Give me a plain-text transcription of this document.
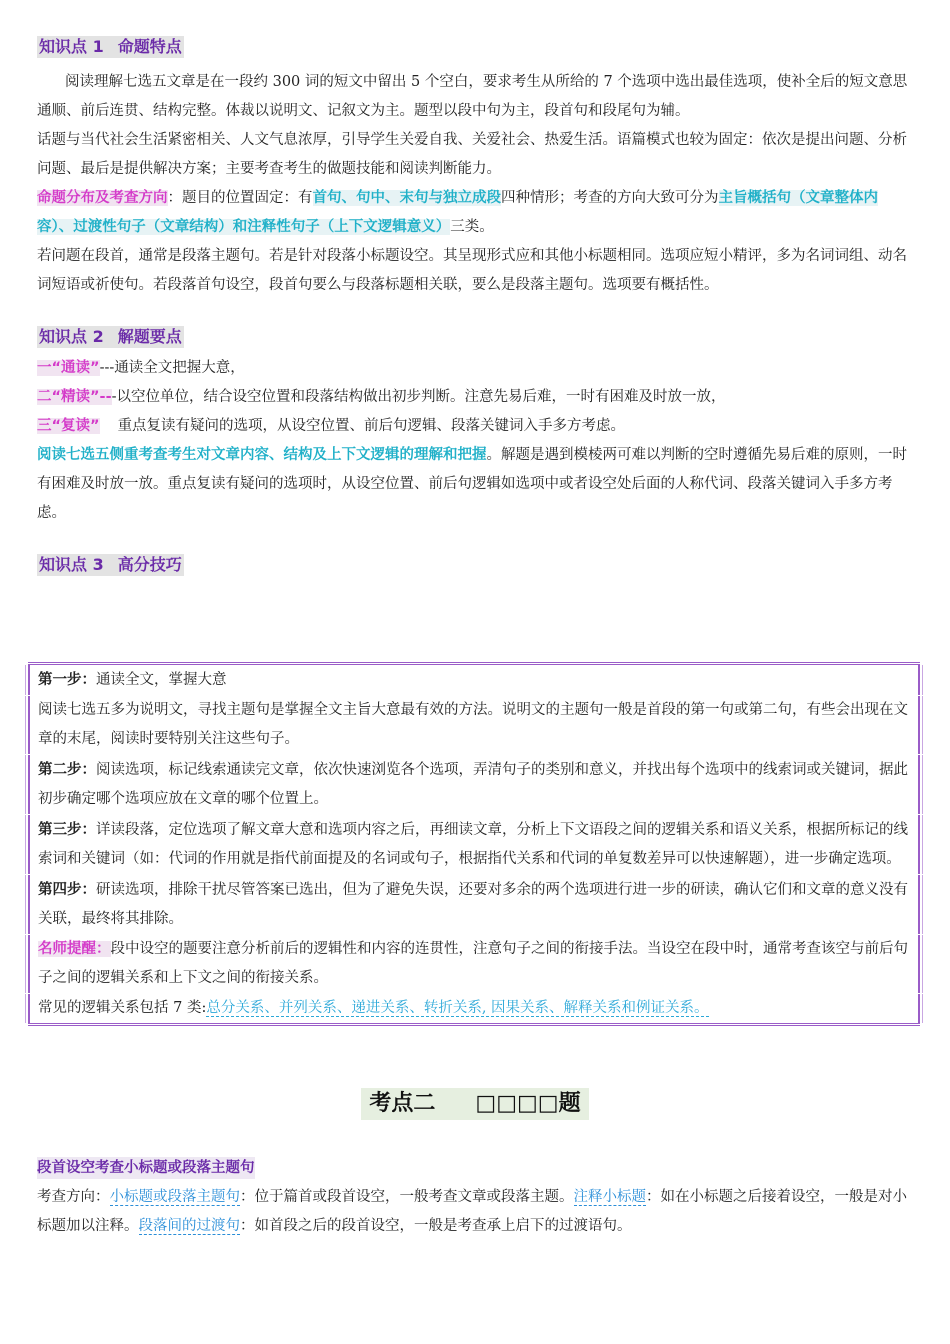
知识点 1 命题特点

阅读理解七选五文章是在一段约 300 词的短文中留出 5 个空白，要求考生从所给的 7 个选项中选出最佳选项，使补全后的短文意思通顺、前后连贯、结构完整。体裁以说明文、记叙文为主。题型以段中句为主，段首句和段尾句为辅。

话题与当代社会生活紧密相关、人文气息浓厚，引导学生关爱自我、关爱社会、热爱生活。语篇模式也较为固定：依次是提出问题、分析问题、最后是提供解决方案；主要考查考生的做题技能和阅读判断能力。

命题分布及考查方向：题目的位置固定：有首句、句中、末句与独立成段四种情形；考查的方向大致可分为主旨概括句（文章整体内容）、过渡性句子（文章结构）和注释性句子（上下文逻辑意义）三类。

若问题在段首，通常是段落主题句。若是针对段落小标题设空。其呈现形式应和其他小标题相同。选项应短小精评，多为名词词组、动名词短语或祈使句。若段落首句设空，段首句要么与段落标题相关联，要么是段落主题句。选项要有概括性。

知识点 2 解题要点

一“通读”---通读全文把握大意，

二“精读”---以空位单位，结合设空位置和段落结构做出初步判断。注意先易后难，一时有困难及时放一放，

三“复读” 重点复读有疑问的选项，从设空位置、前后句逻辑、段落关键词入手多方考虑。

阅读七选五侧重考查考生对文章内容、结构及上下文逻辑的理解和把握。解题是遇到模棱两可难以判断的空时遵循先易后难的原则，一时有困难及时放一放。重点复读有疑问的选项时，从设空位置、前后句逻辑如选项中或者设空处后面的人称代词、段落关键词入手多方考虑。

知识点 3 高分技巧
第一步：通读全文，掌握大意
阅读七选五多为说明文，寻找主题句是掌握全文主旨大意最有效的方法。说明文的主题句一般是首段的第一句或第二句，有些会出现在文章的末尾，阅读时要特别关注这些句子。
第二步：阅读选项，标记线索通读完文章，依次快速浏览各个选项，弄清句子的类别和意义，并找出每个选项中的线索词或关键词，据此初步确定哪个选项应放在文章的哪个位置上。
第三步：详读段落，定位选项了解文章大意和选项内容之后，再细读文章，分析上下文语段之间的逻辑关系和语义关系，根据所标记的线索词和关键词（如：代词的作用就是指代前面提及的名词或句子，根据指代关系和代词的单复数差异可以快速解题），进一步确定选项。
第四步：研读选项，排除干扰尽管答案已选出，但为了避免失误，还要对多余的两个选项进行进一步的研读，确认它们和文章的意义没有关联，最终将其排除。
名师提醒：段中设空的题要注意分析前后的逻辑性和内容的连贯性，注意句子之间的衔接手法。当设空在段中时，通常考查该空与前后句子之间的逻辑关系和上下文之间的衔接关系。
常见的逻辑关系包括 7 类:总分关系、并列关系、递进关系、转折关系, 因果关系、解释关系和例证关系。
考点二 □□□□题
段首设空考查小标题或段落主题句

考查方向：小标题或段落主题句：位于篇首或段首设空，一般考查文章或段落主题。注释小标题：如在小标题之后接着设空，一般是对小标题加以注释。段落间的过渡句：如首段之后的段首设空，一般是考查承上启下的过渡语句。
